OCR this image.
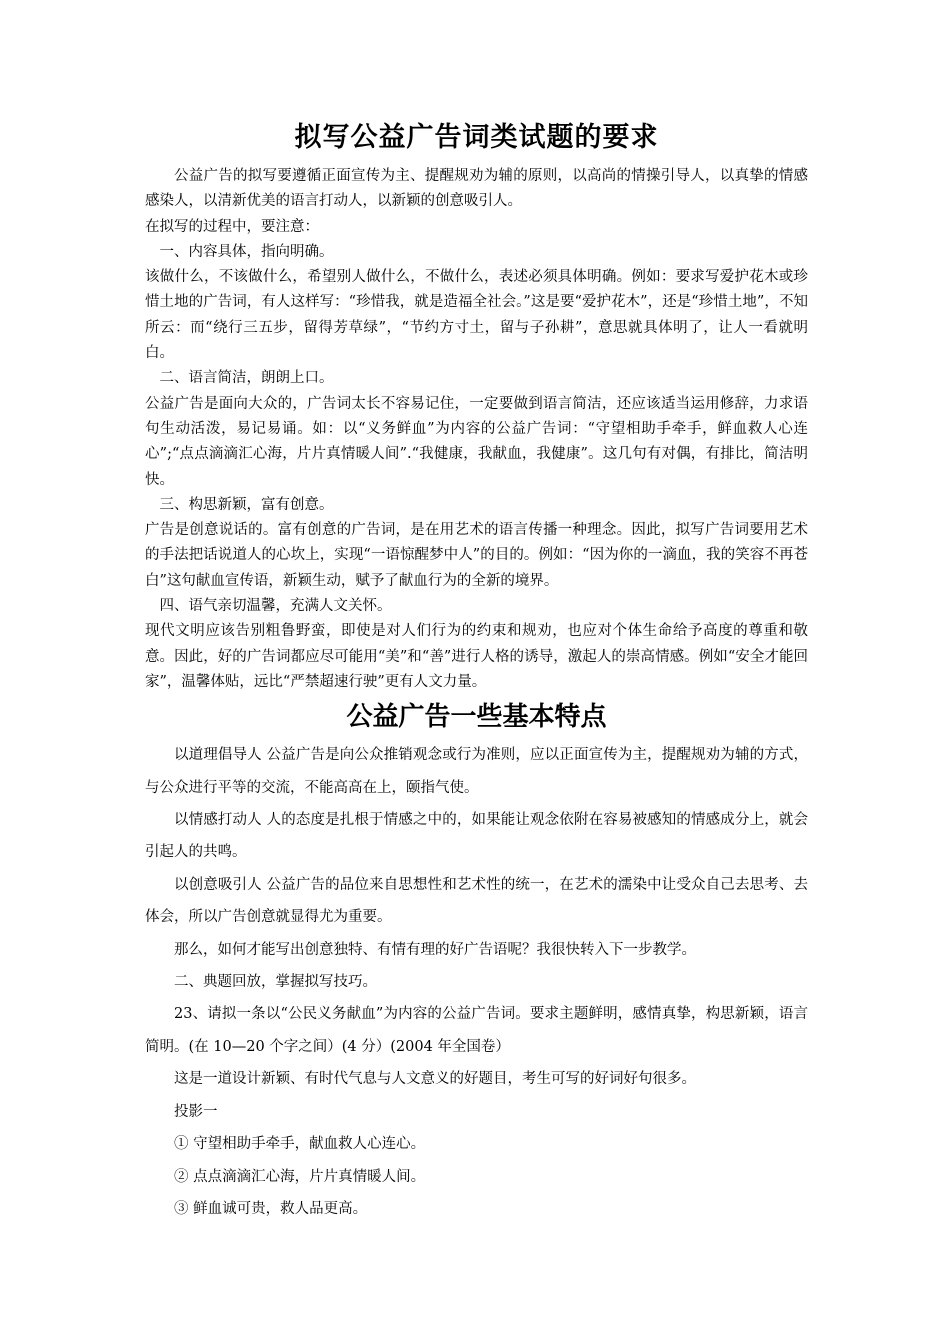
拟写公益广告词类试题的要求

公益广告的拟写要遵循正面宣传为主、提醒规劝为辅的原则，以高尚的情操引导人，以真挚的情感感染人，以清新优美的语言打动人，以新颖的创意吸引人。

在拟写的过程中，要注意：

一、内容具体，指向明确。

该做什么，不该做什么，希望别人做什么，不做什么，表述必须具体明确。例如：要求写爱护花木或珍惜土地的广告词，有人这样写：“珍惜我，就是造福全社会。”这是要“爱护花木”，还是“珍惜土地”，不知所云：而“绕行三五步，留得芳草绿”，“节约方寸土，留与子孙耕”，意思就具体明了，让人一看就明白。

二、语言简洁，朗朗上口。

公益广告是面向大众的，广告词太长不容易记住，一定要做到语言简洁，还应该适当运用修辞，力求语句生动活泼，易记易诵。如：以“义务鲜血”为内容的公益广告词：“守望相助手牵手，鲜血救人心连心”;“点点滴滴汇心海，片片真情暖人间”.“我健康，我献血，我健康”。这几句有对偶，有排比，简洁明快。

三、构思新颖，富有创意。

广告是创意说话的。富有创意的广告词，是在用艺术的语言传播一种理念。因此，拟写广告词要用艺术的手法把话说道人的心坎上，实现“一语惊醒梦中人”的目的。例如：“因为你的一滴血，我的笑容不再苍白”这句献血宣传语，新颖生动，赋予了献血行为的全新的境界。

四、语气亲切温馨，充满人文关怀。

现代文明应该告别粗鲁野蛮，即使是对人们行为的约束和规劝，也应对个体生命给予高度的尊重和敬意。因此，好的广告词都应尽可能用“美”和“善”进行人格的诱导，激起人的崇高情感。例如“安全才能回家”，温馨体贴，远比“严禁超速行驶”更有人文力量。

公益广告一些基本特点

以道理倡导人 公益广告是向公众推销观念或行为准则，应以正面宣传为主，提醒规劝为辅的方式，与公众进行平等的交流，不能高高在上，颐指气使。

以情感打动人 人的态度是扎根于情感之中的，如果能让观念依附在容易被感知的情感成分上，就会引起人的共鸣。

以创意吸引人 公益广告的品位来自思想性和艺术性的统一，在艺术的濡染中让受众自己去思考、去体会，所以广告创意就显得尤为重要。

那么，如何才能写出创意独特、有情有理的好广告语呢？我很快转入下一步教学。

二、典题回放，掌握拟写技巧。

23、请拟一条以“公民义务献血”为内容的公益广告词。要求主题鲜明，感情真挚，构思新颖，语言简明。(在 10—20 个字之间）(4 分）(2004 年全国卷）

这是一道设计新颖、有时代气息与人文意义的好题目，考生可写的好词好句很多。

投影一

① 守望相助手牵手，献血救人心连心。

② 点点滴滴汇心海，片片真情暖人间。

③ 鲜血诚可贵，救人品更高。
